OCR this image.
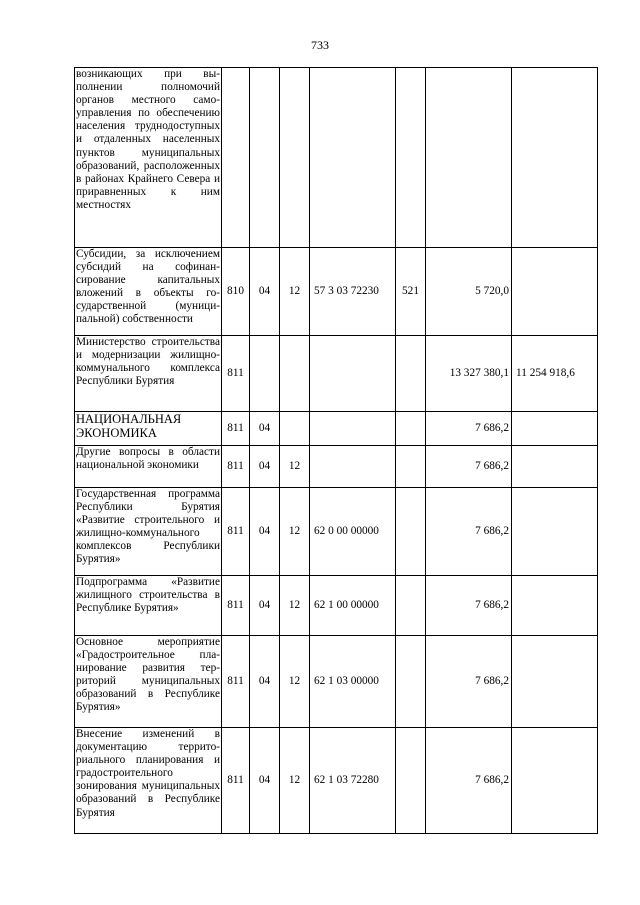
733
возникающих при выполнении полномочий органов местного самоуправления по обеспечению населения труднодоступных и отдаленных населенных пунктов муниципальных образований, расположенных в районах Крайнего Севера и приравненных к ним местностях							
Субсидии, за исключением субсидий на софинансирование капитальных вложений в объекты государственной (муниципальной) собственности	810	04	12	57 3 03 72230	521	5 720,0	
Министерство строительства и модернизации жилищно-коммунального комплекса Республики Бурятия	811					13 327 380,1	11 254 918,6
НАЦИОНАЛЬНАЯ ЭКОНОМИКА	811	04				7 686,2	
Другие вопросы в области национальной экономики	811	04	12			7 686,2	
Государственная программа Республики Бурятия «Развитие строительного и жилищно-коммунального комплексов Республики Бурятия»	811	04	12	62 0 00 00000		7 686,2	
Подпрограмма «Развитие жилищного строительства в Республике Бурятия»	811	04	12	62 1 00 00000		7 686,2	
Основное мероприятие «Градостроительное планирование развития территорий муниципальных образований в Республике Бурятия»	811	04	12	62 1 03 00000		7 686,2	
Внесение изменений в документацию территориального планирования и градостроительного зонирования муниципальных образований в Республике Бурятия	811	04	12	62 1 03 72280		7 686,2	
